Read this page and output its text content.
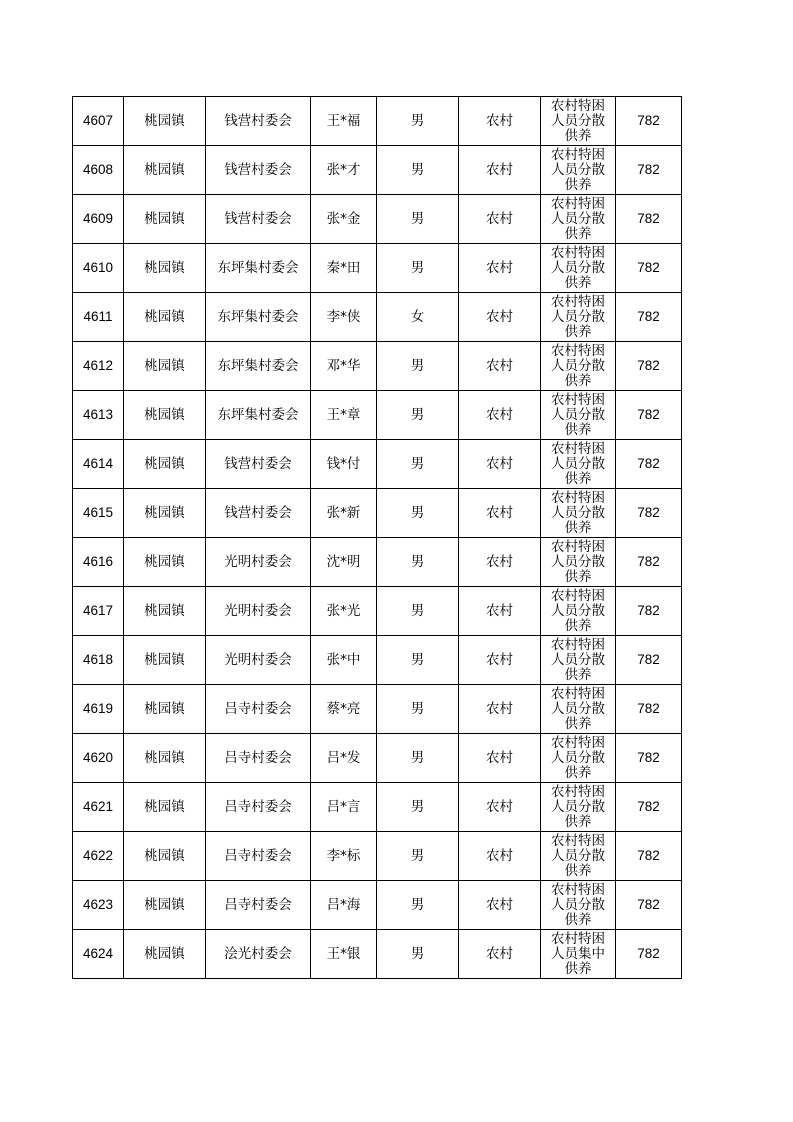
4607	桃园镇	钱营村委会	王*福	男	农村	农村特困人员分散供养	782
4608	桃园镇	钱营村委会	张*才	男	农村	农村特困人员分散供养	782
4609	桃园镇	钱营村委会	张*金	男	农村	农村特困人员分散供养	782
4610	桃园镇	东坪集村委会	秦*田	男	农村	农村特困人员分散供养	782
4611	桃园镇	东坪集村委会	李*侠	女	农村	农村特困人员分散供养	782
4612	桃园镇	东坪集村委会	邓*华	男	农村	农村特困人员分散供养	782
4613	桃园镇	东坪集村委会	王*章	男	农村	农村特困人员分散供养	782
4614	桃园镇	钱营村委会	钱*付	男	农村	农村特困人员分散供养	782
4615	桃园镇	钱营村委会	张*新	男	农村	农村特困人员分散供养	782
4616	桃园镇	光明村委会	沈*明	男	农村	农村特困人员分散供养	782
4617	桃园镇	光明村委会	张*光	男	农村	农村特困人员分散供养	782
4618	桃园镇	光明村委会	张*中	男	农村	农村特困人员分散供养	782
4619	桃园镇	吕寺村委会	蔡*亮	男	农村	农村特困人员分散供养	782
4620	桃园镇	吕寺村委会	吕*发	男	农村	农村特困人员分散供养	782
4621	桃园镇	吕寺村委会	吕*言	男	农村	农村特困人员分散供养	782
4622	桃园镇	吕寺村委会	李*标	男	农村	农村特困人员分散供养	782
4623	桃园镇	吕寺村委会	吕*海	男	农村	农村特困人员分散供养	782
4624	桃园镇	浍光村委会	王*银	男	农村	农村特困人员集中供养	782
